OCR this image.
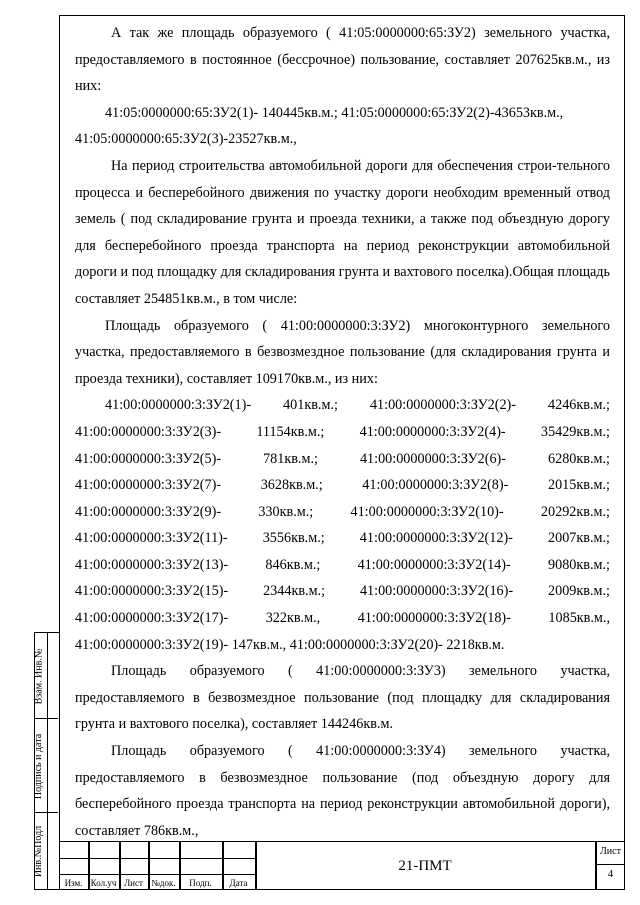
А так же площадь образуемого ( 41:05:0000000:65:ЗУ2) земельного участка, предоставляемого в постоянное (бессрочное) пользование, составляет 207625кв.м., из них:

41:05:0000000:65:ЗУ2(1)- 140445кв.м.; 41:05:0000000:65:ЗУ2(2)-43653кв.м.,

41:05:0000000:65:ЗУ2(3)-23527кв.м.,

На период строительства автомобильной дороги для обеспечения строи-тельного процесса и бесперебойного движения по участку дороги необходим временный отвод земель ( под складирование грунта и проезда техники, а также под объездную дорогу для бесперебойного проезда транспорта на период реконструкции автомобильной дороги и под площадку для складирования грунта и вахтового поселка).Общая площадь составляет 254851кв.м., в том числе:

Площадь образуемого ( 41:00:0000000:3:ЗУ2) многоконтурного земельного участка, предоставляемого в безвозмездное пользование (для складирования грунта и проезда техники), составляет 109170кв.м., из них:

41:00:0000000:3:ЗУ2(1)- 401кв.м.; 41:00:0000000:3:ЗУ2(2)- 4246кв.м.;
41:00:0000000:3:ЗУ2(3)- 11154кв.м.; 41:00:0000000:3:ЗУ2(4)- 35429кв.м.;
41:00:0000000:3:ЗУ2(5)-	781кв.м.;	41:00:0000000:3:ЗУ2(6)-	6280кв.м.;
41:00:0000000:3:ЗУ2(7)-	3628кв.м.;	41:00:0000000:3:ЗУ2(8)-	2015кв.м.;
41:00:0000000:3:ЗУ2(9)-	330кв.м.;	41:00:0000000:3:ЗУ2(10)-	20292кв.м.;
41:00:0000000:3:ЗУ2(11)- 3556кв.м.; 41:00:0000000:3:ЗУ2(12)- 2007кв.м.;
41:00:0000000:3:ЗУ2(13)-	846кв.м.;	41:00:0000000:3:ЗУ2(14)-	9080кв.м.;
41:00:0000000:3:ЗУ2(15)- 2344кв.м.; 41:00:0000000:3:ЗУ2(16)- 2009кв.м.;
41:00:0000000:3:ЗУ2(17)-	322кв.м.,	41:00:0000000:3:ЗУ2(18)-	1085кв.м.,

41:00:0000000:3:ЗУ2(19)- 147кв.м., 41:00:0000000:3:ЗУ2(20)- 2218кв.м.

Площадь образуемого ( 41:00:0000000:3:ЗУ3) земельного участка, предоставляемого в безвозмездное пользование (под площадку для складирования грунта и вахтового поселка), составляет 144246кв.м.

Площадь образуемого ( 41:00:0000000:3:ЗУ4) земельного участка, предоставляемого в безвозмездное пользование (под объездную дорогу для бесперебойного проезда транспорта на период реконструкции автомобильной дороги), составляет 786кв.м.,

Взам. Инв.№
Подпись и дата
Инв.№Подл
Изм. Кол.уч Лист №док.	Подп.	Дата
21-ПМТ
Лист
4
